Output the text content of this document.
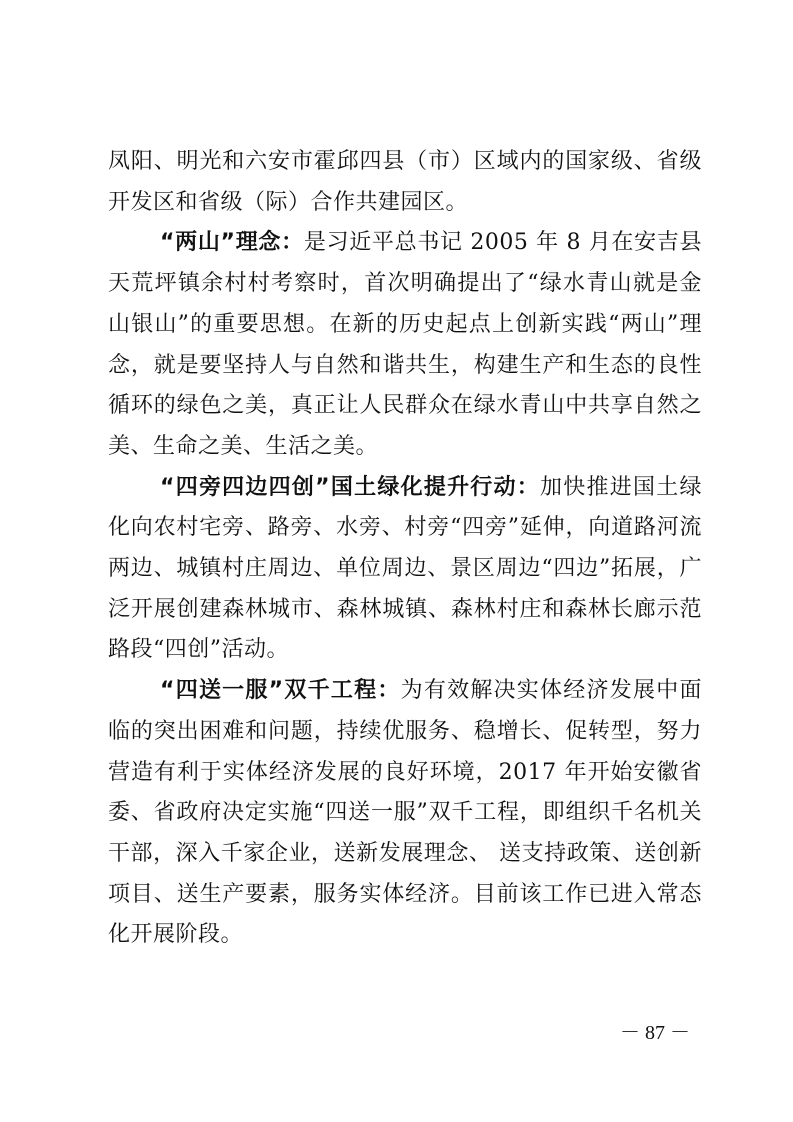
凤阳、明光和六安市霍邱四县（市）区域内的国家级、省级开发区和省级（际）合作共建园区。

“两山”理念：是习近平总书记 2005 年 8 月在安吉县天荒坪镇余村村考察时，首次明确提出了“绿水青山就是金山银山”的重要思想。在新的历史起点上创新实践“两山”理念，就是要坚持人与自然和谐共生，构建生产和生态的良性循环的绿色之美，真正让人民群众在绿水青山中共享自然之美、生命之美、生活之美。

“四旁四边四创”国土绿化提升行动：加快推进国土绿化向农村宅旁、路旁、水旁、村旁“四旁”延伸，向道路河流两边、城镇村庄周边、单位周边、景区周边“四边”拓展，广泛开展创建森林城市、森林城镇、森林村庄和森林长廊示范路段“四创”活动。

“四送一服”双千工程：为有效解决实体经济发展中面临的突出困难和问题，持续优服务、稳增长、促转型，努力营造有利于实体经济发展的良好环境，2017 年开始安徽省委、省政府决定实施“四送一服”双千工程，即组织千名机关干部，深入千家企业，送新发展理念、 送支持政策、送创新项目、送生产要素，服务实体经济。目前该工作已进入常态化开展阶段。

－ 87 －
